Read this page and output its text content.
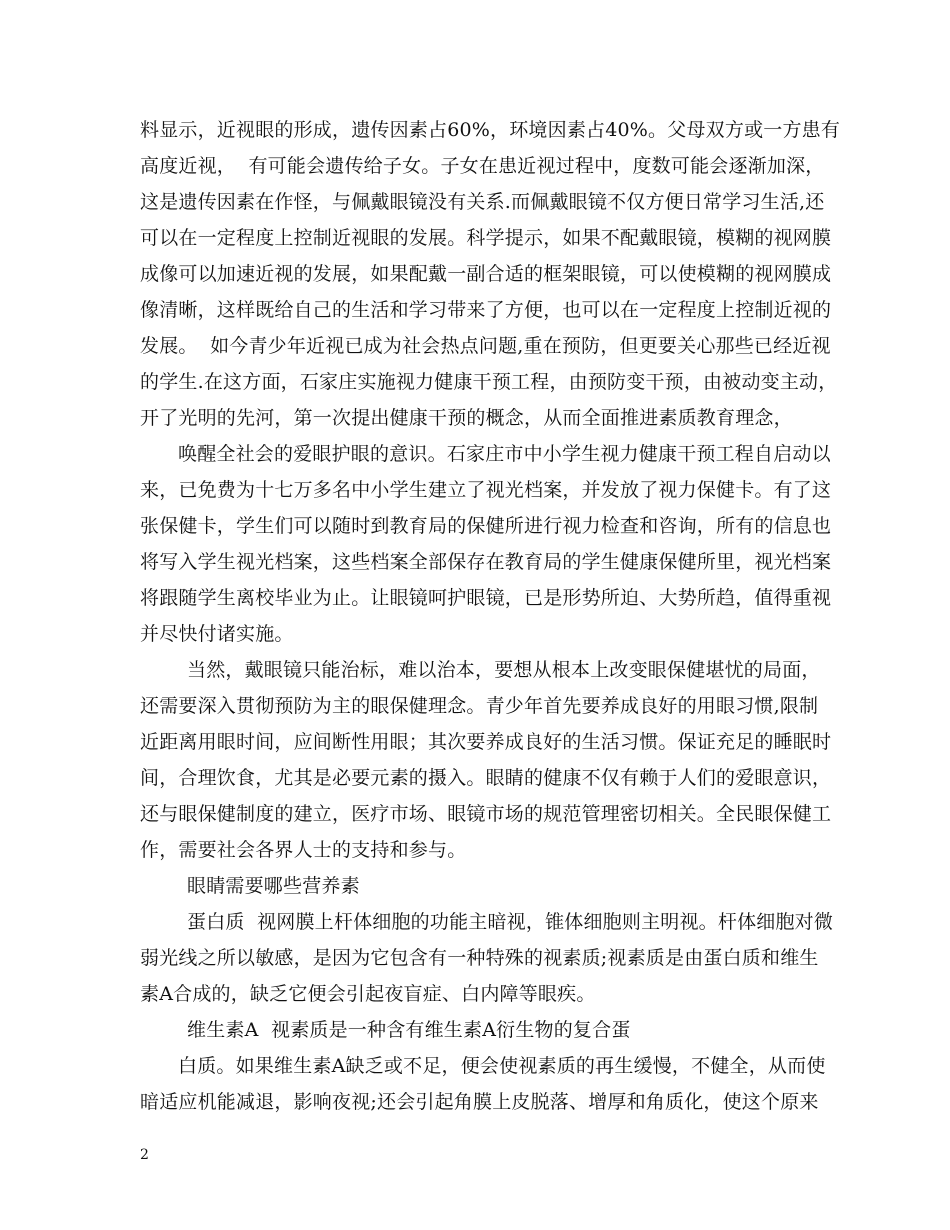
料显示，近视眼的形成，遗传因素占60%，环境因素占40%。父母双方或一方患有
高度近视，  有可能会遗传给子女。子女在患近视过程中，度数可能会逐渐加深，
这是遗传因素在作怪，与佩戴眼镜没有关系.而佩戴眼镜不仅方便日常学习生活,还
可以在一定程度上控制近视眼的发展。科学提示，如果不配戴眼镜，模糊的视网膜
成像可以加速近视的发展，如果配戴一副合适的框架眼镜，可以使模糊的视网膜成
像清晰，这样既给自己的生活和学习带来了方便，也可以在一定程度上控制近视的
发展。  如今青少年近视已成为社会热点问题,重在预防，但更要关心那些已经近视
的学生.在这方面，石家庄实施视力健康干预工程，由预防变干预，由被动变主动，
开了光明的先河，第一次提出健康干预的概念，从而全面推进素质教育理念，
唤醒全社会的爱眼护眼的意识。石家庄市中小学生视力健康干预工程自启动以
来，已免费为十七万多名中小学生建立了视光档案，并发放了视力保健卡。有了这
张保健卡，学生们可以随时到教育局的保健所进行视力检查和咨询，所有的信息也
将写入学生视光档案，这些档案全部保存在教育局的学生健康保健所里，视光档案
将跟随学生离校毕业为止。让眼镜呵护眼镜，已是形势所迫、大势所趋，值得重视
并尽快付诸实施。
当然，戴眼镜只能治标，难以治本，要想从根本上改变眼保健堪忧的局面，
还需要深入贯彻预防为主的眼保健理念。青少年首先要养成良好的用眼习惯,限制
近距离用眼时间，应间断性用眼；其次要养成良好的生活习惯。保证充足的睡眠时
间，合理饮食，尤其是必要元素的摄入。眼睛的健康不仅有赖于人们的爱眼意识，
还与眼保健制度的建立，医疗市场、眼镜市场的规范管理密切相关。全民眼保健工
作，需要社会各界人士的支持和参与。
眼睛需要哪些营养素
蛋白质  视网膜上杆体细胞的功能主暗视，锥体细胞则主明视。杆体细胞对微
弱光线之所以敏感，是因为它包含有一种特殊的视素质;视素质是由蛋白质和维生
素A合成的，缺乏它便会引起夜盲症、白内障等眼疾。
维生素A  视素质是一种含有维生素A衍生物的复合蛋
白质。如果维生素A缺乏或不足，便会使视素质的再生缓慢，不健全，从而使
暗适应机能减退，影响夜视;还会引起角膜上皮脱落、增厚和角质化，使这个原来
2
